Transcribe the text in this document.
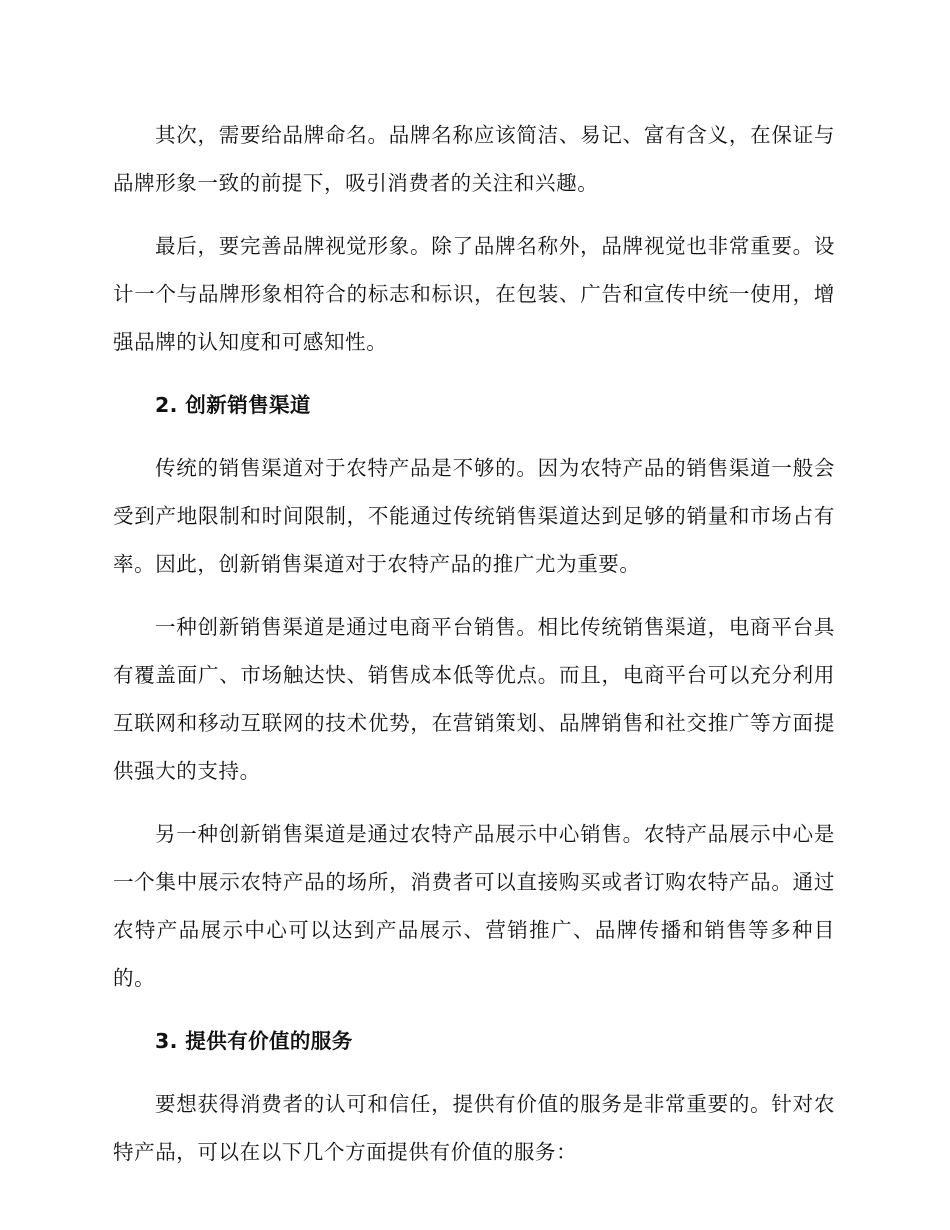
其次，需要给品牌命名。品牌名称应该简洁、易记、富有含义，在保证与品牌形象一致的前提下，吸引消费者的关注和兴趣。

最后，要完善品牌视觉形象。除了品牌名称外，品牌视觉也非常重要。设计一个与品牌形象相符合的标志和标识，在包装、广告和宣传中统一使用，增强品牌的认知度和可感知性。

2. 创新销售渠道

传统的销售渠道对于农特产品是不够的。因为农特产品的销售渠道一般会受到产地限制和时间限制，不能通过传统销售渠道达到足够的销量和市场占有率。因此，创新销售渠道对于农特产品的推广尤为重要。

一种创新销售渠道是通过电商平台销售。相比传统销售渠道，电商平台具有覆盖面广、市场触达快、销售成本低等优点。而且，电商平台可以充分利用互联网和移动互联网的技术优势，在营销策划、品牌销售和社交推广等方面提供强大的支持。

另一种创新销售渠道是通过农特产品展示中心销售。农特产品展示中心是一个集中展示农特产品的场所，消费者可以直接购买或者订购农特产品。通过农特产品展示中心可以达到产品展示、营销推广、品牌传播和销售等多种目的。

3. 提供有价值的服务

要想获得消费者的认可和信任，提供有价值的服务是非常重要的。针对农特产品，可以在以下几个方面提供有价值的服务：
